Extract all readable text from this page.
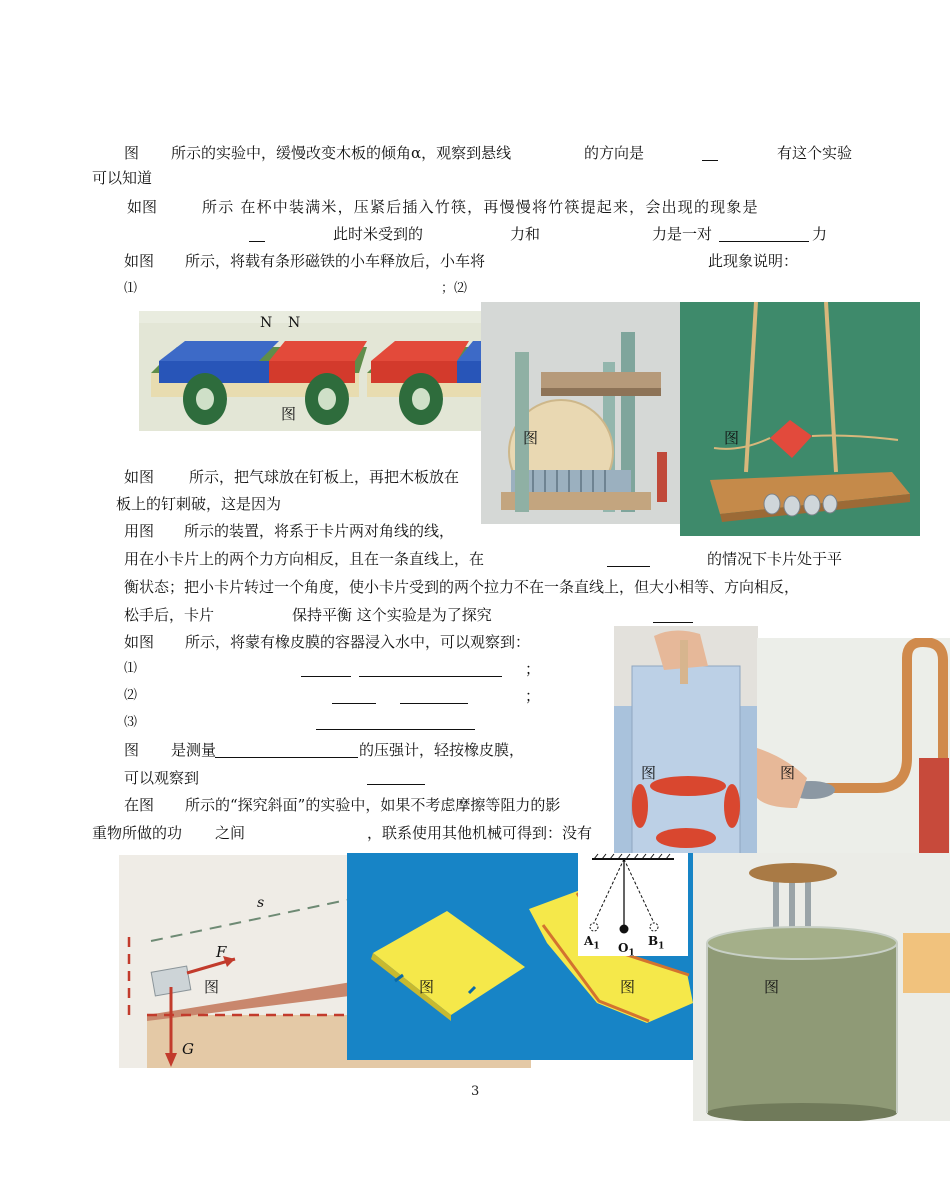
图 所示的实验中，缓慢改变木板的倾角α，观察到悬线	的方向是	有这个实验
可以知道
如图	所示 在杯中装满米，压紧后插入竹筷，再慢慢将竹筷提起来，会出现的现象是
此时米受到的	力和	力是一对	力
如图 所示，将载有条形磁铁的小车释放后，小车将	此现象说明：
⑴	；⑵
N N
图
图	图
如图 所示，把气球放在钉板上，再把木板放在
板上的钉刺破，这是因为
用图 所示的装置，将系于卡片两对角线的线，
用在小卡片上的两个力方向相反，且在一条直线上，在	的情况下卡片处于平
衡状态；把小卡片转过一个角度，使小卡片受到的两个拉力不在一条直线上，但大小相等、方向相反，
松手后，卡片	保持平衡 这个实验是为了探究
如图 所示，将蒙有橡皮膜的容器浸入水中，可以观察到：
⑴	；
⑵	；
⑶
图 是测量	的压强计，轻按橡皮膜，
可以观察到
在图 所示的“探究斜面”的实验中，如果不考虑摩擦等阻力的影
重物所做的功 之间	，联系使用其他机械可得到：没有
图	图
s
F
G
图	图
$A_1$ $O_1$
$B_1$
图	图
3
